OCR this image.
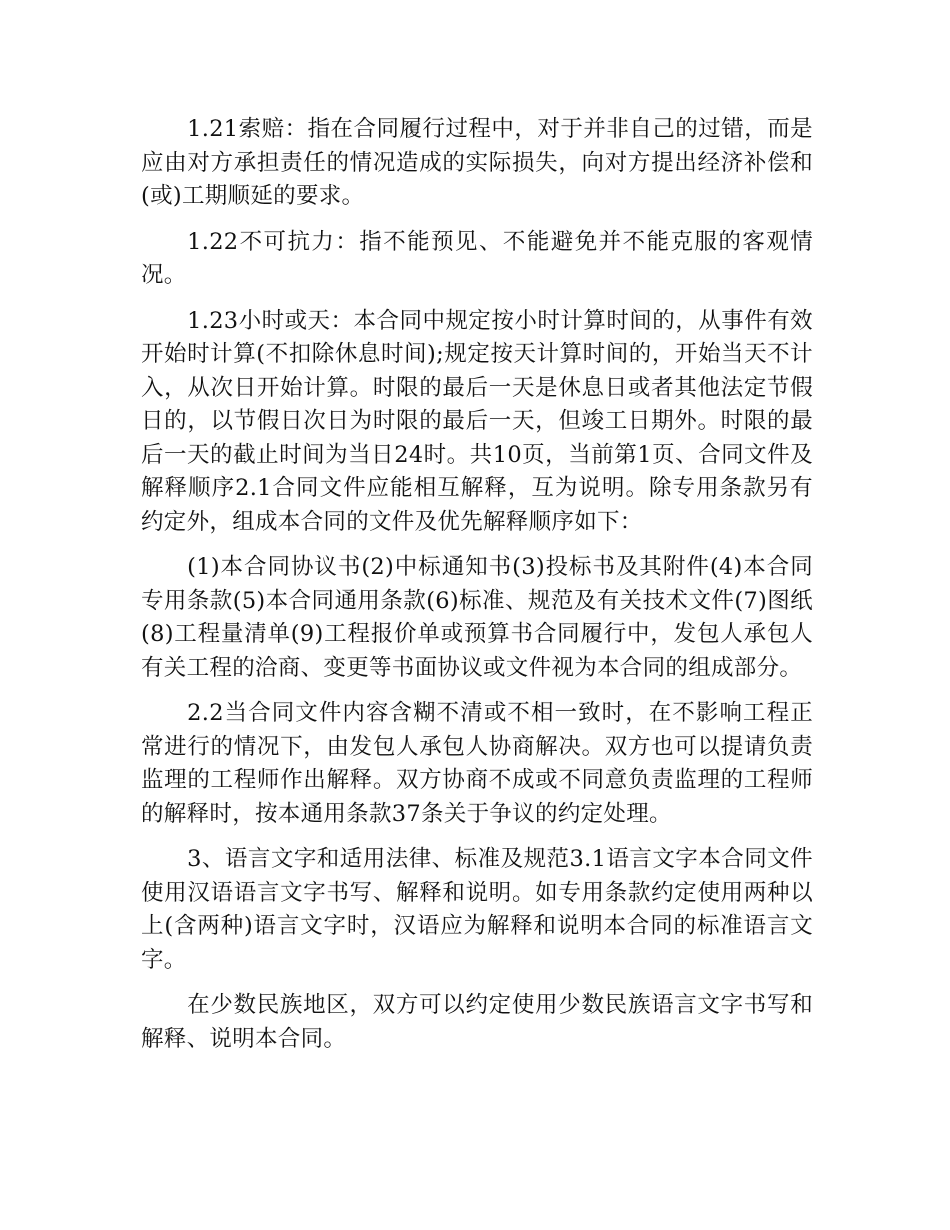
1.21索赔：指在合同履行过程中，对于并非自己的过错，而是应由对方承担责任的情况造成的实际损失，向对方提出经济补偿和(或)工期顺延的要求。

1.22不可抗力：指不能预见、不能避免并不能克服的客观情况。

1.23小时或天：本合同中规定按小时计算时间的，从事件有效开始时计算(不扣除休息时间);规定按天计算时间的，开始当天不计入，从次日开始计算。时限的最后一天是休息日或者其他法定节假日的，以节假日次日为时限的最后一天，但竣工日期外。时限的最后一天的截止时间为当日24时。共10页，当前第1页、合同文件及解释顺序2.1合同文件应能相互解释，互为说明。除专用条款另有约定外，组成本合同的文件及优先解释顺序如下：

(1)本合同协议书(2)中标通知书(3)投标书及其附件(4)本合同专用条款(5)本合同通用条款(6)标准、规范及有关技术文件(7)图纸(8)工程量清单(9)工程报价单或预算书合同履行中，发包人承包人有关工程的洽商、变更等书面协议或文件视为本合同的组成部分。

2.2当合同文件内容含糊不清或不相一致时，在不影响工程正常进行的情况下，由发包人承包人协商解决。双方也可以提请负责监理的工程师作出解释。双方协商不成或不同意负责监理的工程师的解释时，按本通用条款37条关于争议的约定处理。

3、语言文字和适用法律、标准及规范3.1语言文字本合同文件使用汉语语言文字书写、解释和说明。如专用条款约定使用两种以上(含两种)语言文字时，汉语应为解释和说明本合同的标准语言文字。

在少数民族地区，双方可以约定使用少数民族语言文字书写和解释、说明本合同。
